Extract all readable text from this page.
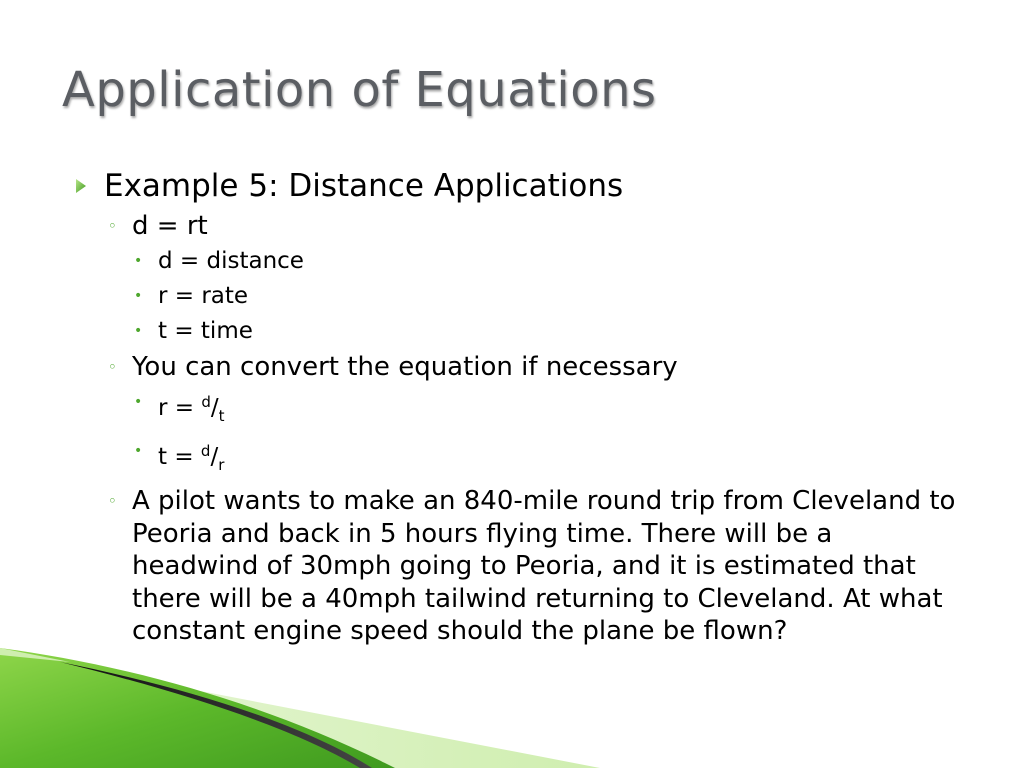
Application of Equations
Example 5: Distance Applications
◦ d = rt
• d = distance
• r = rate
• t = time
◦ You can convert the equation if necessary
• $r = ^d/_t$
• $t = ^d/_r$
◦ A pilot wants to make an 840-mile round trip from Cleveland to Peoria and back in 5 hours flying time. There will be a headwind of 30mph going to Peoria, and it is estimated that there will be a 40mph tailwind returning to Cleveland. At what constant engine speed should the plane be flown?
